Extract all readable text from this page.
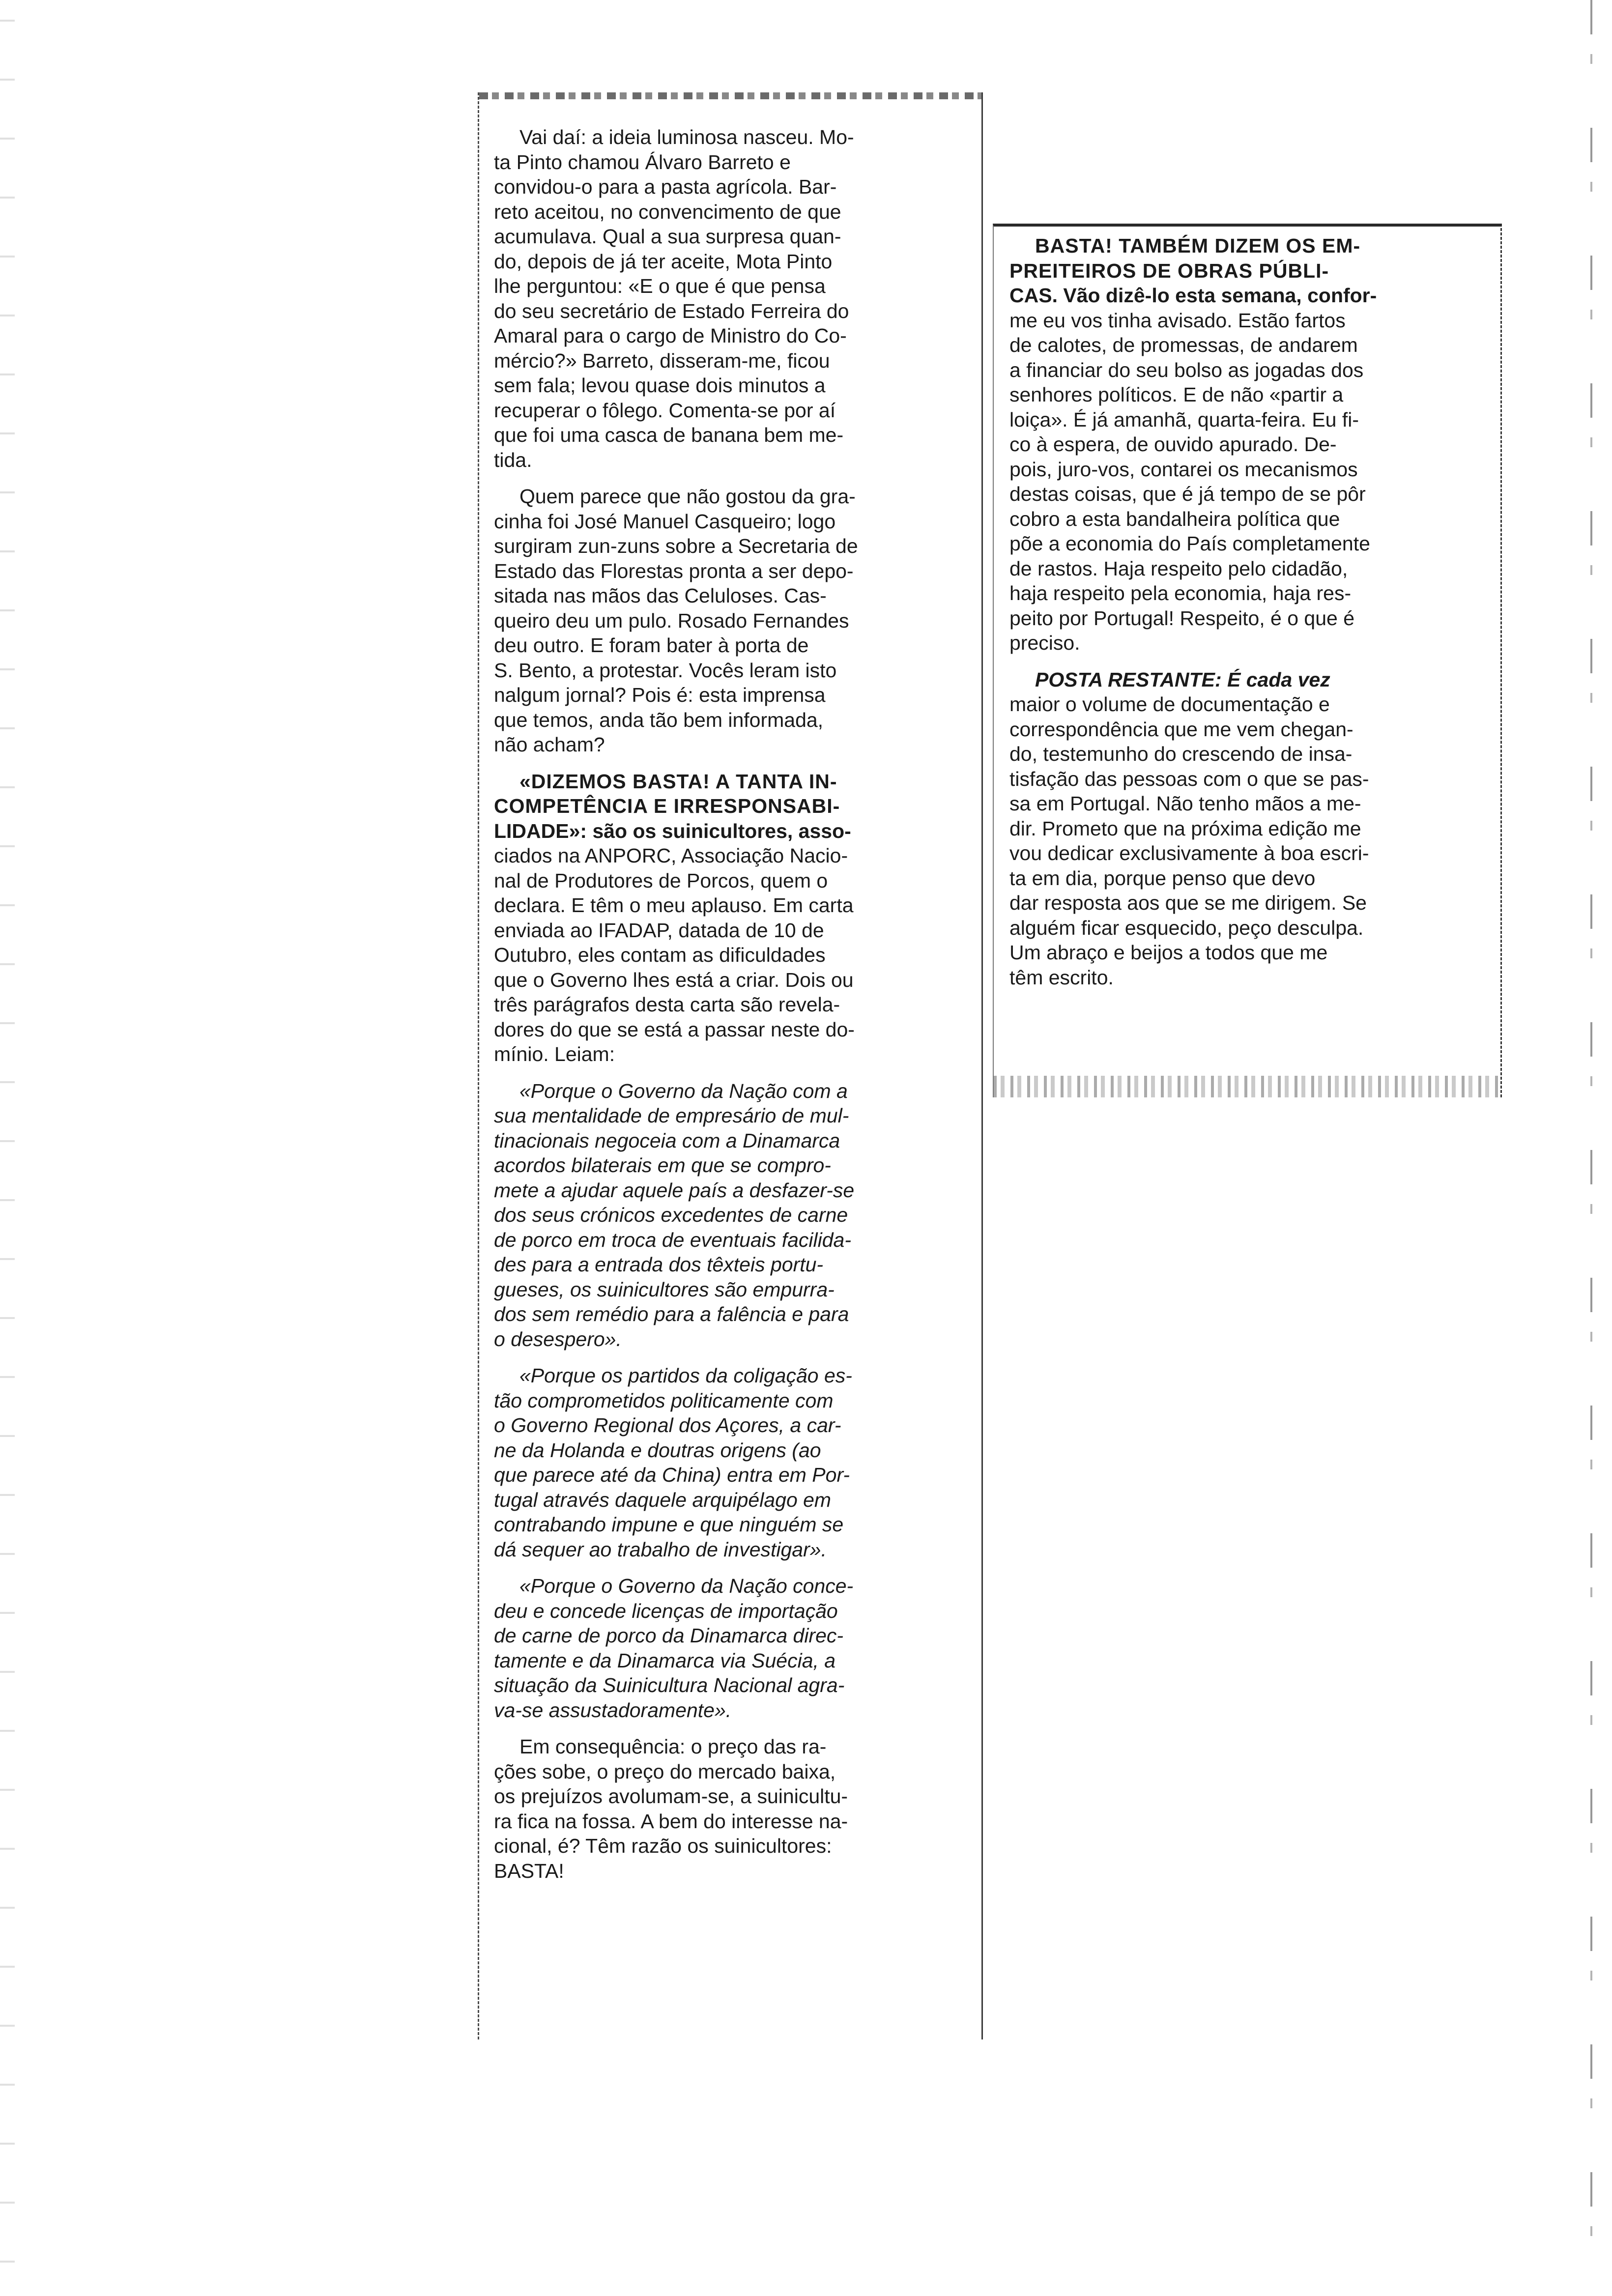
Vai daí: a ideia luminosa nasceu. Mo-
ta Pinto chamou Álvaro Barreto e
convidou-o para a pasta agrícola. Bar-
reto aceitou, no convencimento de que
acumulava. Qual a sua surpresa quan-
do, depois de já ter aceite, Mota Pinto
lhe perguntou: «E o que é que pensa
do seu secretário de Estado Ferreira do
Amaral para o cargo de Ministro do Co-
mércio?» Barreto, disseram-me, ficou
sem fala; levou quase dois minutos a
recuperar o fôlego. Comenta-se por aí
que foi uma casca de banana bem me-
tida.
Quem parece que não gostou da gra-
cinha foi José Manuel Casqueiro; logo
surgiram zun-zuns sobre a Secretaria de
Estado das Florestas pronta a ser depo-
sitada nas mãos das Celuloses. Cas-
queiro deu um pulo. Rosado Fernandes
deu outro. E foram bater à porta de
S. Bento, a protestar. Vocês leram isto
nalgum jornal? Pois é: esta imprensa
que temos, anda tão bem informada,
não acham?
«DIZEMOS BASTA! A TANTA IN-
COMPETÊNCIA E IRRESPONSABI-
LIDADE»: são os suinicultores, asso-
ciados na ANPORC, Associação Nacio-
nal de Produtores de Porcos, quem o
declara. E têm o meu aplauso. Em carta
enviada ao IFADAP, datada de 10 de
Outubro, eles contam as dificuldades
que o Governo lhes está a criar. Dois ou
três parágrafos desta carta são revela-
dores do que se está a passar neste do-
mínio. Leiam:
«Porque o Governo da Nação com a
sua mentalidade de empresário de mul-
tinacionais negoceia com a Dinamarca
acordos bilaterais em que se compro-
mete a ajudar aquele país a desfazer-se
dos seus crónicos excedentes de carne
de porco em troca de eventuais facilida-
des para a entrada dos têxteis portu-
gueses, os suinicultores são empurra-
dos sem remédio para a falência e para
o desespero».
«Porque os partidos da coligação es-
tão comprometidos politicamente com
o Governo Regional dos Açores, a car-
ne da Holanda e doutras origens (ao
que parece até da China) entra em Por-
tugal através daquele arquipélago em
contrabando impune e que ninguém se
dá sequer ao trabalho de investigar».
«Porque o Governo da Nação conce-
deu e concede licenças de importação
de carne de porco da Dinamarca direc-
tamente e da Dinamarca via Suécia, a
situação da Suinicultura Nacional agra-
va-se assustadoramente».
Em consequência: o preço das ra-
ções sobe, o preço do mercado baixa,
os prejuízos avolumam-se, a suinicultu-
ra fica na fossa. A bem do interesse na-
cional, é? Têm razão os suinicultores:
BASTA!
BASTA! TAMBÉM DIZEM OS EM-
PREITEIROS DE OBRAS PÚBLI-
CAS. Vão dizê-lo esta semana, confor-
me eu vos tinha avisado. Estão fartos
de calotes, de promessas, de andarem
a financiar do seu bolso as jogadas dos
senhores políticos. E de não «partir a
loiça». É já amanhã, quarta-feira. Eu fi-
co à espera, de ouvido apurado. De-
pois, juro-vos, contarei os mecanismos
destas coisas, que é já tempo de se pôr
cobro a esta bandalheira política que
põe a economia do País completamente
de rastos. Haja respeito pelo cidadão,
haja respeito pela economia, haja res-
peito por Portugal! Respeito, é o que é
preciso.
POSTA RESTANTE: É cada vez
maior o volume de documentação e
correspondência que me vem chegan-
do, testemunho do crescendo de insa-
tisfação das pessoas com o que se pas-
sa em Portugal. Não tenho mãos a me-
dir. Prometo que na próxima edição me
vou dedicar exclusivamente à boa escri-
ta em dia, porque penso que devo
dar resposta aos que se me dirigem. Se
alguém ficar esquecido, peço desculpa.
Um abraço e beijos a todos que me
têm escrito.
